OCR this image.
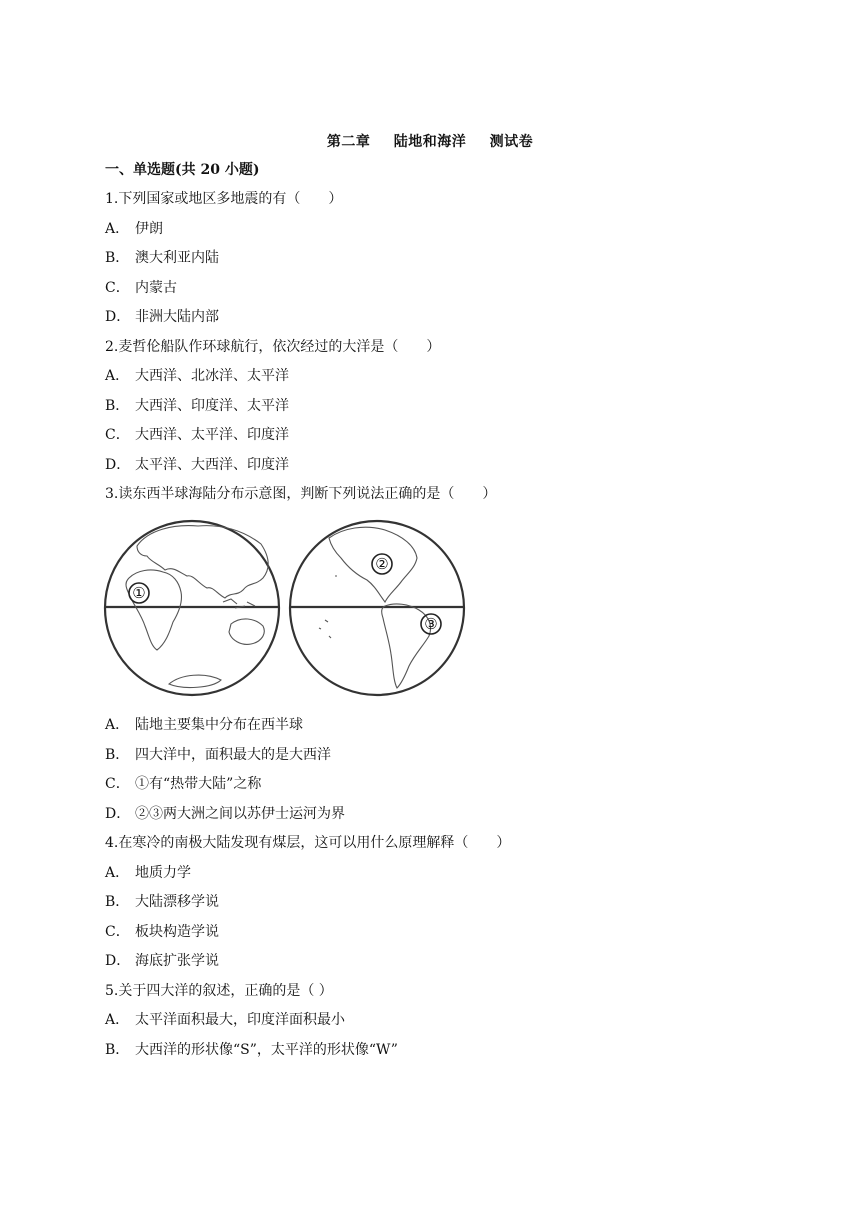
第二章 陆地和海洋 测试卷
一、单选题(共 20 小题)
1.下列国家或地区多地震的有（　　）
A． 伊朗
B． 澳大利亚内陆
C． 内蒙古
D． 非洲大陆内部
2.麦哲伦船队作环球航行，依次经过的大洋是（　　）
A． 大西洋、北冰洋、太平洋
B． 大西洋、印度洋、太平洋
C． 大西洋、太平洋、印度洋
D． 太平洋、大西洋、印度洋
3.读东西半球海陆分布示意图，判断下列说法正确的是（　　）
①
②
③
A． 陆地主要集中分布在西半球
B． 四大洋中，面积最大的是大西洋
C． ①有“热带大陆”之称
D． ②③两大洲之间以苏伊士运河为界
4.在寒冷的南极大陆发现有煤层，这可以用什么原理解释（　　）
A． 地质力学
B． 大陆漂移学说
C． 板块构造学说
D． 海底扩张学说
5.关于四大洋的叙述，正确的是（ ）
A． 太平洋面积最大，印度洋面积最小
B． 大西洋的形状像“S”，太平洋的形状像“W”
